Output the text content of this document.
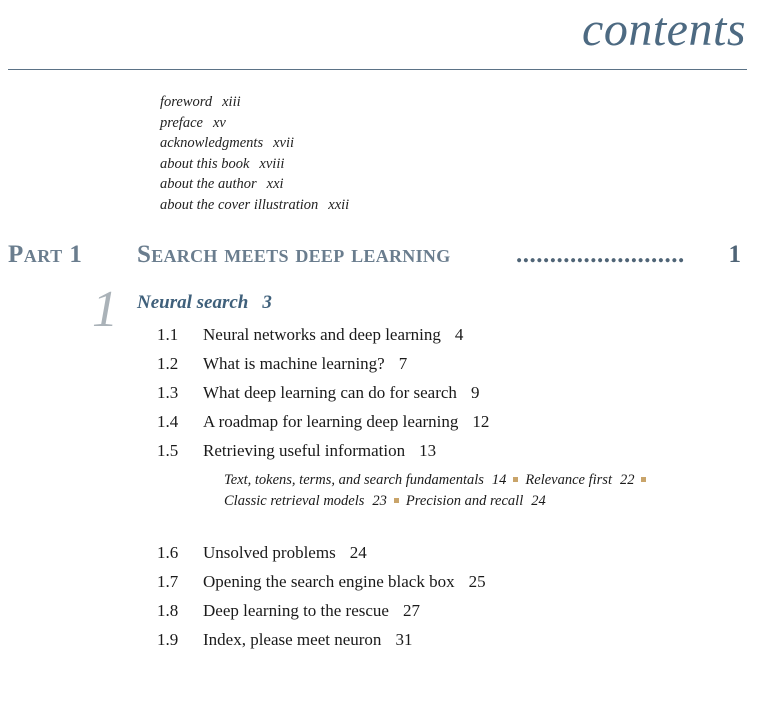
contents
foreword xiii
preface xv
acknowledgments xvii
about this book xviii
about the author xxi
about the cover illustration xxii
Part 1 Search meets deep learning	......................... 1
1 Neural search 3
1.1 Neural networks and deep learning 4
1.2 What is machine learning? 7
1.3 What deep learning can do for search 9
1.4 A roadmap for learning deep learning 12
1.5 Retrieving useful information 13
Text, tokens, terms, and search fundamentals 14 Relevance first 22Classic retrieval models 23 Precision and recall 24
1.6 Unsolved problems 24
1.7 Opening the search engine black box 25
1.8 Deep learning to the rescue 27
1.9 Index, please meet neuron 31
